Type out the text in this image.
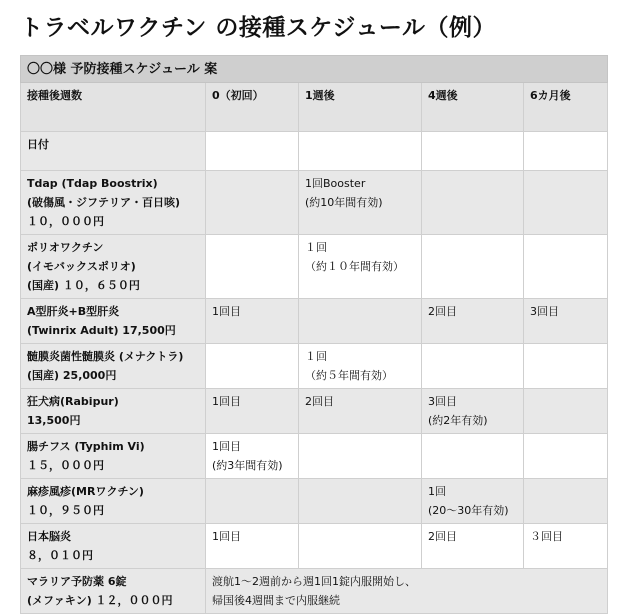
トラベルワクチン の接種スケジュール（例）
〇〇様 予防接種スケジュール 案				
接種後週数	0（初回）	1週後	4週後	6カ月後
日付				
Tdap (Tdap Boostrix)
(破傷風・ジフテリア・百日咳)
１０，０００円		1回Booster
(約10年間有効)		
ポリオワクチン
(イモバックスポリオ)
(国産) １０，６５０円		１回
（約１０年間有効）		
A型肝炎+B型肝炎
(Twinrix Adult) 17,500円	1回目		2回目	3回目
髄膜炎菌性髄膜炎 (メナクトラ)
(国産) 25,000円		１回
（約５年間有効）		
狂犬病(Rabipur)
13,500円	1回目	2回目	3回目
(約2年有効)	
腸チフス (Typhim Vi)
１５，０００円	1回目
(約3年間有効)			
麻疹風疹(MRワクチン)
１０，９５０円			1回
(20～30年有効)	
日本脳炎
８，０１０円	1回目		2回目	３回目
マラリア予防薬 6錠
(メファキン) １２，０００円	渡航1～2週前から週1回1錠内服開始し、
帰国後4週間まで内服継続			
